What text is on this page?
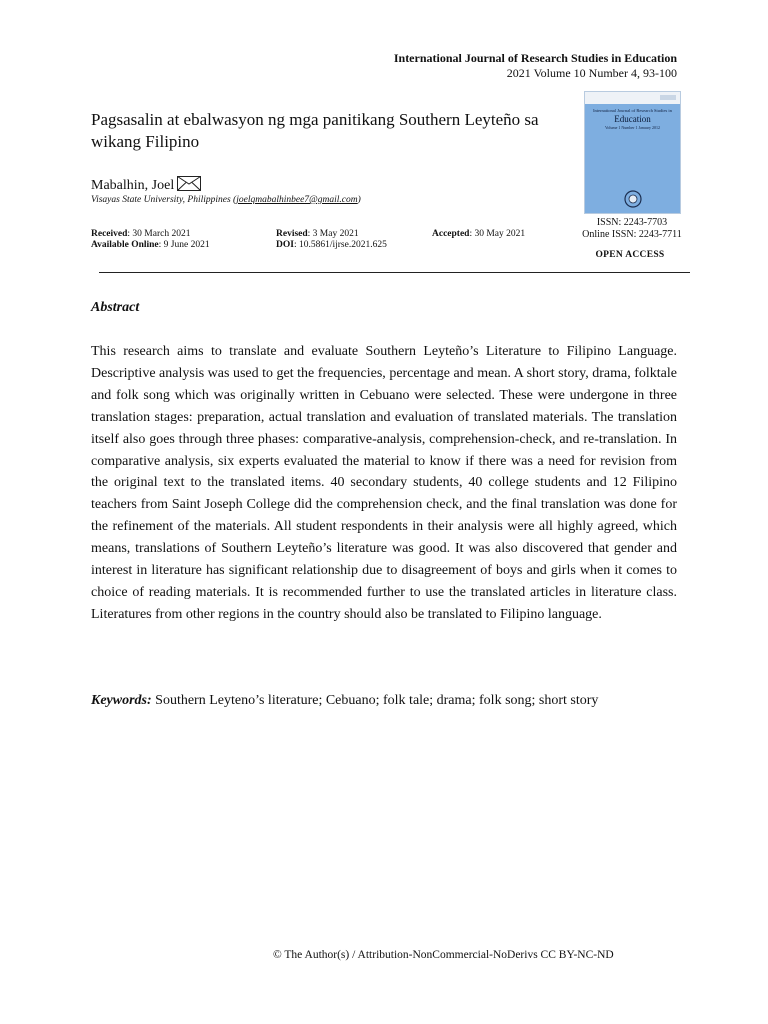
International Journal of Research Studies in Education
2021 Volume 10 Number 4, 93-100
Pagsasalin at ebalwasyon ng mga panitikang Southern Leyteño sa wikang Filipino
Mabalhin, Joel
Visayas State University, Philippines (joelqmabalhinbee7@gmail.com)
International Journal of Research Studies in
Education
Volume 1 Number 1 January 2012
ISSN: 2243-7703
Online ISSN: 2243-7711
Received: 30 March 2021	Revised: 3 May 2021	Accepted: 30 May 2021
Available Online: 9 June 2021	DOI: 10.5861/ijrse.2021.625
OPEN ACCESS
Abstract

This research aims to translate and evaluate Southern Leyteño’s Literature to Filipino Language. Descriptive analysis was used to get the frequencies, percentage and mean. A short story, drama, folktale and folk song which was originally written in Cebuano were selected. These were undergone in three translation stages: preparation, actual translation and evaluation of translated materials. The translation itself also goes through three phases: comparative-analysis, comprehension-check, and re-translation. In comparative analysis, six experts evaluated the material to know if there was a need for revision from the original text to the translated items. 40 secondary students, 40 college students and 12 Filipino teachers from Saint Joseph College did the comprehension check, and the final translation was done for the refinement of the materials. All student respondents in their analysis were all highly agreed, which means, translations of Southern Leyteño’s literature was good. It was also discovered that gender and interest in literature has significant relationship due to disagreement of boys and girls when it comes to choice of reading materials. It is recommended further to use the translated articles in literature class. Literatures from other regions in the country should also be translated to Filipino language.

Keywords: Southern Leyteno’s literature; Cebuano; folk tale; drama; folk song; short story
© The Author(s) / Attribution-NonCommercial-NoDerivs CC BY-NC-ND
